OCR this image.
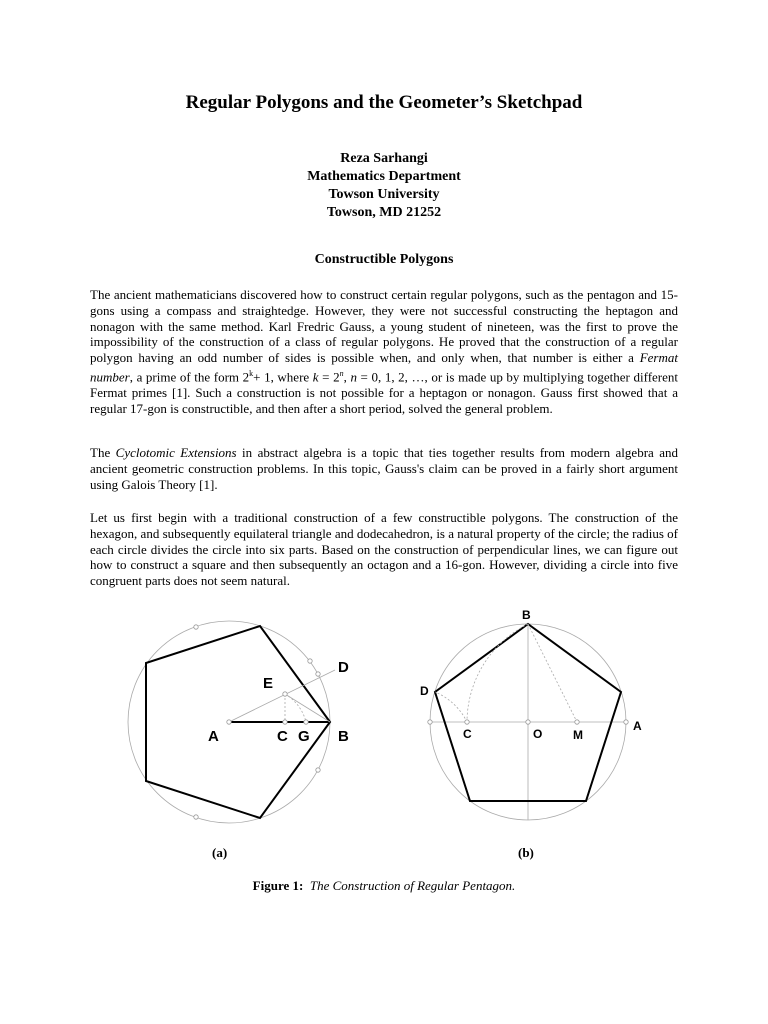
Regular Polygons and the Geometer’s Sketchpad
Reza Sarhangi
Mathematics Department
Towson University
Towson, MD 21252
Constructible Polygons
The ancient mathematicians discovered how to construct certain regular polygons, such as the pentagon and 15-gons using a compass and straightedge. However, they were not successful constructing the heptagon and nonagon with the same method. Karl Fredric Gauss, a young student of nineteen, was the first to prove the impossibility of the construction of a class of regular polygons. He proved that the construction of a regular polygon having an odd number of sides is possible when, and only when, that number is either a Fermat number, a prime of the form $2^k+ 1$, where $k = 2^n$, n = 0, 1, 2, …, or is made up by multiplying together different Fermat primes [1]. Such a construction is not possible for a heptagon or nonagon. Gauss first showed that a regular 17-gon is constructible, and then after a short period, solved the general problem.
The Cyclotomic Extensions in abstract algebra is a topic that ties together results from modern algebra and ancient geometric construction problems. In this topic, Gauss's claim can be proved in a fairly short argument using Galois Theory [1].
Let us first begin with a traditional construction of a few constructible polygons. The construction of the hexagon, and subsequently equilateral triangle and dodecahedron, is a natural property of the circle; the radius of each circle divides the circle into six parts. Based on the construction of perpendicular lines, we can figure out how to construct a square and then subsequently an octagon and a 16-gon. However, dividing a circle into five congruent parts does not seem natural.
D
E
A	C G B
B
D
A
C	O	M
(a)	(b)
Figure 1: The Construction of Regular Pentagon.
